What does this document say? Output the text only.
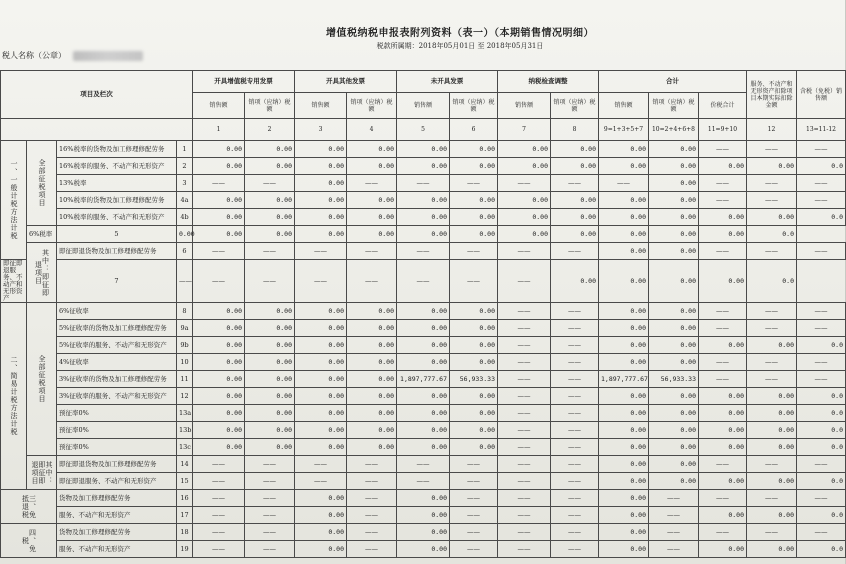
增值税纳税申报表附列资料（表一）（本期销售情况明细）
税款所属期：2018年05月01日 至 2018年05月31日
税人名称（公章）
项目及栏次				开具增值税专用发票		开具其他发票		未开具发票		纳税检查调整		合计			服务、不动产和无形资产扣除项目本期实际扣除金额	含税（免税）销售额
				销售额	销项（应纳）税额	销售额	销项（应纳）税额	销售额	销项（应纳）税额	销售额	销项（应纳）税额	销售额	销项（应纳）税额	价税合计		
				1	2	3	4	5	6	7	8	9=1+3+5+7	10=2+4+6+8	11=9+10	12	13=11-12
一、一般计税方法计税	全部征税项目	16%税率的货物及加工修理修配劳务	1	0.00	0.00	0.00	0.00	0.00	0.00	0.00	0.00	0.00	0.00	——	——	——
		16%税率的服务、不动产和无形资产	2	0.00	0.00	0.00	0.00	0.00	0.00	0.00	0.00	0.00	0.00	0.00	0.00	0.0
		13%税率	3	——	——	0.00	——	——	——	——	——	——	0.00	——	——	——
		10%税率的货物及加工修理修配劳务	4a	0.00	0.00	0.00	0.00	0.00	0.00	0.00	0.00	0.00	0.00	——	——	——
		10%税率的服务、不动产和无形资产	4b	0.00	0.00	0.00	0.00	0.00	0.00	0.00	0.00	0.00	0.00	0.00	0.00	0.0
	6%税率	5	0.00	0.00	0.00	0.00	0.00	0.00	0.00	0.00	0.00	0.00	0.00	0.00	0.0	
	其中：即征即退项目	即征即退货物及加工修理修配劳务	6	——	——	——	——	——	——	——	——	0.00	0.00	——	——	——
即征即退服务、不动产和无形资产		7	——	——	——	——	——	——	——	——	0.00	0.00	0.00	0.00	0.0	
二、简易计税方法计税	全部征税项目	6%征收率	8	0.00	0.00	0.00	0.00	0.00	0.00	——	——	0.00	0.00	——	——	——
		5%征收率的货物及加工修理修配劳务	9a	0.00	0.00	0.00	0.00	0.00	0.00	——	——	0.00	0.00	——	——	——
		5%征收率的服务、不动产和无形资产	9b	0.00	0.00	0.00	0.00	0.00	0.00	——	——	0.00	0.00	0.00	0.00	0.0
		4%征收率	10	0.00	0.00	0.00	0.00	0.00	0.00	——	——	0.00	0.00	——	——	——
		3%征收率的货物及加工修理修配劳务	11	0.00	0.00	0.00	0.00	1,897,777.67	56,933.33	——	——	1,897,777.67	56,933.33	——	——	——
		3%征收率的服务、不动产和无形资产	12	0.00	0.00	0.00	0.00	0.00	0.00	——	——	0.00	0.00	0.00	0.00	0.0
		预征率0%	13a	0.00	0.00	0.00	0.00	0.00	0.00	——	——	0.00	0.00	0.00	0.00	0.0
		预征率0%	13b	0.00	0.00	0.00	0.00	0.00	0.00	——	——	0.00	0.00	0.00	0.00	0.0
		预征率0%	13c	0.00	0.00	0.00	0.00	0.00	0.00	——	——	0.00	0.00	0.00	0.00	0.0
	其中：即征即退项目	即征即退货物及加工修理修配劳务	14	——	——	——	——	——	——	——	——	0.00	0.00	——	——	——
		即征即退服务、不动产和无形资产	15	——	——	——	——	——	——	——	——	0.00	0.00	0.00	0.00	0.0
三、免抵退税		货物及加工修理修配劳务	16	——	——	0.00	——	0.00	——	——	——	0.00	——	——	——	——
		服务、不动产和无形资产	17	——	——	0.00	——	0.00	——	——	——	0.00	——	0.00	0.00	0.0
四、免税		货物及加工修理修配劳务	18	——	——	0.00	——	0.00	——	——	——	0.00	——	——	——	——
		服务、不动产和无形资产	19	——	——	0.00	——	0.00	——	——	——	0.00	——	0.00	0.00	0.0
